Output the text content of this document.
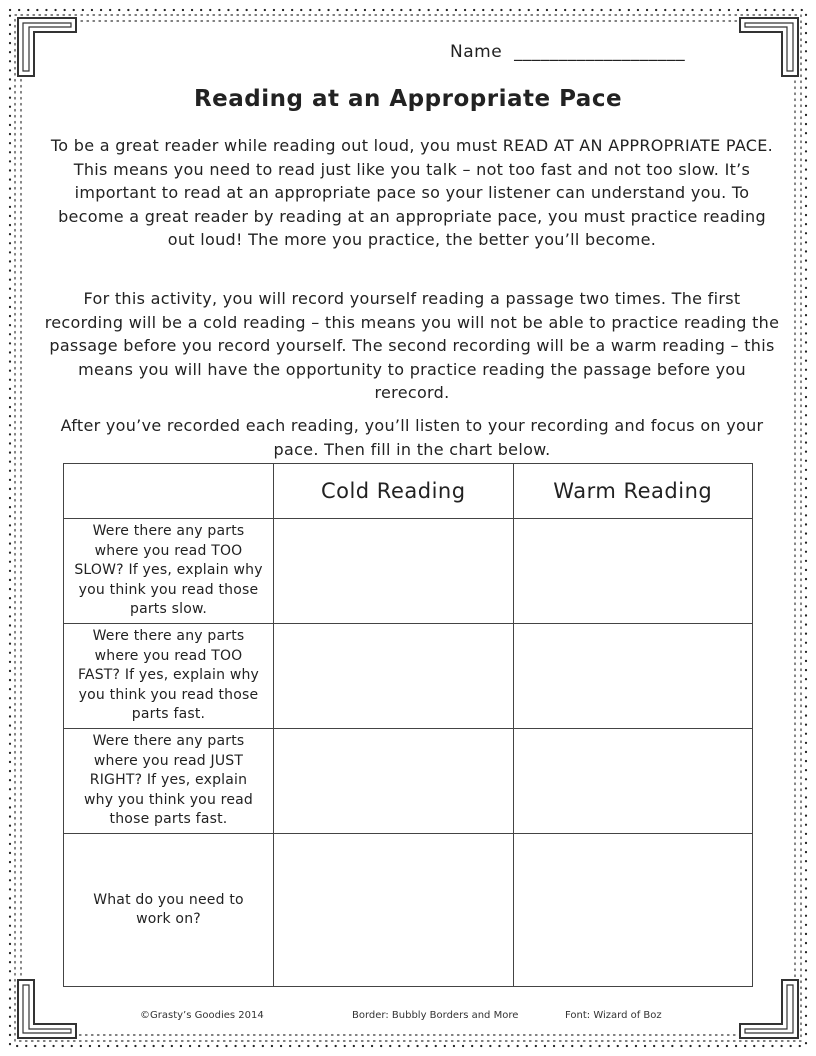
Name ___________________
Reading at an Appropriate Pace
To be a great reader while reading out loud, you must READ AT AN APPROPRIATE PACE. This means you need to read just like you talk – not too fast and not too slow. It’s important to read at an appropriate pace so your listener can understand you. To become a great reader by reading at an appropriate pace, you must practice reading out loud! The more you practice, the better you’ll become.
For this activity, you will record yourself reading a passage two times. The first recording will be a cold reading – this means you will not be able to practice reading the passage before you record yourself. The second recording will be a warm reading – this means you will have the opportunity to practice reading the passage before you rerecord.
After you’ve recorded each reading, you’ll listen to your recording and focus on your pace. Then fill in the chart below.
	Cold Reading	Warm Reading
Were there any parts where you read TOO SLOW? If yes, explain why you think you read those parts slow.		
Were there any parts where you read TOO FAST? If yes, explain why you think you read those parts fast.		
Were there any parts where you read JUST RIGHT? If yes, explain why you think you read those parts fast.		
What do you need to work on?		
©Grasty’s Goodies 2014	Border: Bubbly Borders and More	Font: Wizard of Boz
